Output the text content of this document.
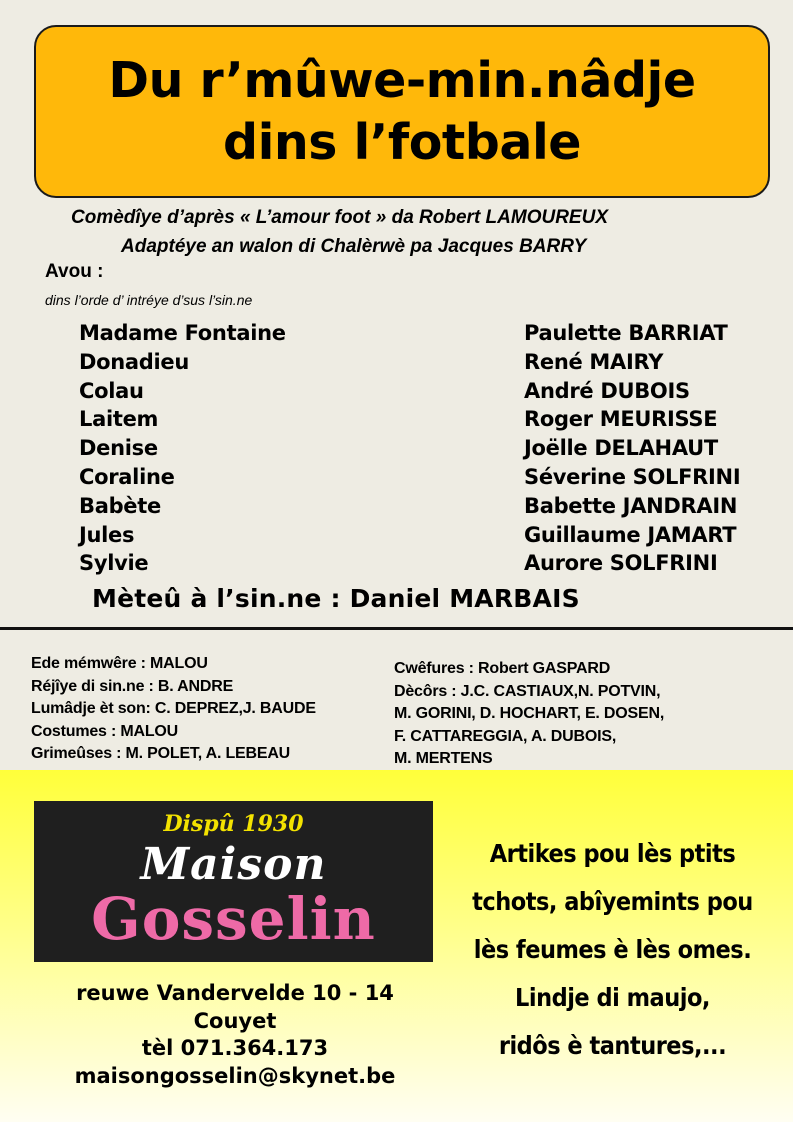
Du r’mûwe-min.nâdje
dins l’fotbale
Comèdîye d’après « L’amour foot » da Robert LAMOUREUX
Adaptéye an walon di Chalèrwè pa Jacques BARRY
Avou :
dins l’orde d’ intréye d’sus l’sin.ne
Madame Fontaine	Paulette BARRIAT
Donadieu	René MAIRY
Colau	André DUBOIS
Laitem	Roger MEURISSE
Denise	Joëlle DELAHAUT
Coraline	Séverine SOLFRINI
Babète	Babette JANDRAIN
Jules	Guillaume JAMART
Sylvie	Aurore SOLFRINI
Mèteû à l’sin.ne : Daniel MARBAIS
Ede mémwêre : MALOU
Réjîye di sin.ne : B. ANDRE
Lumâdje èt son: C. DEPREZ,J. BAUDE
Costumes : MALOU
Grimeûses : M. POLET, A. LEBEAU
Cwêfures : Robert GASPARD
Dècôrs : J.C. CASTIAUX,N. POTVIN,
M. GORINI, D. HOCHART, E. DOSEN,
F. CATTAREGGIA, A. DUBOIS,
M. MERTENS
Dispû 1930
Maison
Gosselin
reuwe Vandervelde 10 - 14
Couyet
tèl 071.364.173
maisongosselin@skynet.be
Artikes pou lès ptits
tchots, abîyemints pou
lès feumes è lès omes.
Lindje di maujo,
ridôs è tantures,...
